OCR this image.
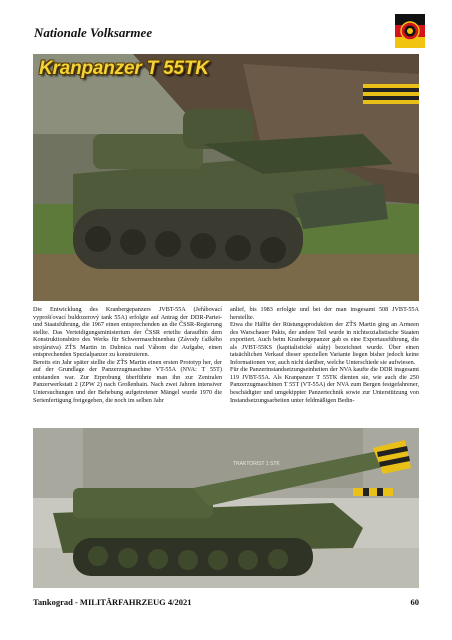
Nationale Volksarmee
Kranpanzer T 55TK

Die Entwicklung des Kranbergepanzers JVBT-55A (Jeřábovací vyprošťovací buldozerový tank 55A) erfolgte auf Antrag der DDR-Partei- und Staatsführung, die 1967 einen entsprechenden an die ČSSR-Regierung stellte. Das Verteidigungsministerium der ČSSR erteilte daraufhin dem Konstruktionsbüro des Werks für Schwermaschinenbau (Závody ťažkého strojárstva) ZŤS Martin in Dubnica nad Váhom die Aufgabe, einen entsprechenden Spezialpanzer zu konstruieren.

Bereits ein Jahr später stellte die ZŤS Martin einen ersten Prototyp her, der auf der Grundlage der Panzerzugmaschine VT-55A (NVA: T 55T) entstanden war. Zur Erprobung überführte man ihn zur Zentralen Panzerwerkstatt 2 (ZPW 2) nach Großenhain. Nach zwei Jahren intensiver Untersuchungen und der Behebung aufgetretener Mängel wurde 1970 die Serienfertigung freigegeben, die noch im selben Jahr

anlief, bis 1983 erfolgte und bei der man insgesamt 508 JVBT-55A herstellte.

Etwa die Hälfte der Rüstungsproduktion der ZŤS Martin ging an Armeen des Warschauer Pakts, der andere Teil wurde in nichtsozialistische Staaten exportiert. Auch beim Kranbergepanzer gab es eine Exportausführung, die als JVBT-55KS (kapitalistické státy) bezeichnet wurde. Über einen tatsächlichen Verkauf dieser speziellen Variante liegen bisher jedoch keine Informationen vor, auch nicht darüber, welche Unterschiede sie aufwiesen.

Für die Panzerinstandsetzungseinheiten der NVA kaufte die DDR insgesamt 119 JVBT-55A. Als Kranpanzer T 55TK dienten sie, wie auch die 250 Panzerzugmaschinen T 55T (VT-55A) der NVA zum Bergen festgefahrener, beschädigter und umgekippter Panzertechnik sowie zur Unterstützung von Instandsetzungsarbeiten unter feldmäßigen Bedin-

TRAKTORIST 1 STK
Tankograd - MILITÄRFAHRZEUG 4/2021	60
